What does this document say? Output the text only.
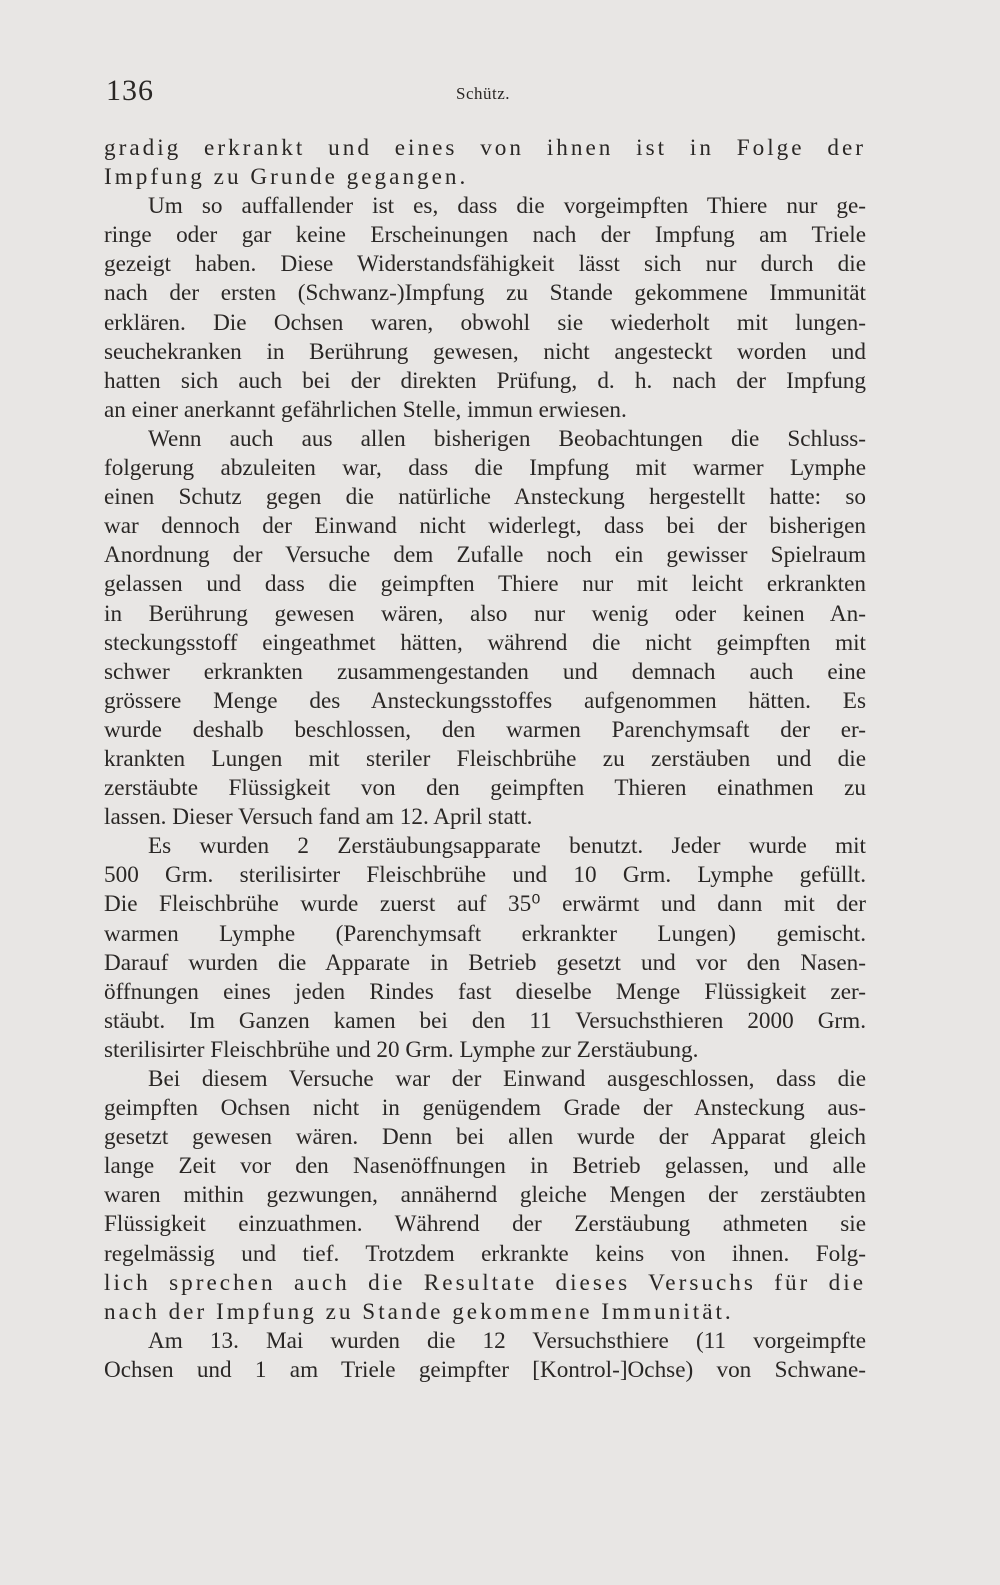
136	Schütz.
gradig erkrankt und eines von ihnen ist in Folge der
Impfung zu Grunde gegangen.
Um so auffallender ist es, dass die vorgeimpften Thiere nur ge-
ringe oder gar keine Erscheinungen nach der Impfung am Triele
gezeigt haben. Diese Widerstandsfähigkeit lässt sich nur durch die
nach der ersten (Schwanz-)Impfung zu Stande gekommene Immunität
erklären. Die Ochsen waren, obwohl sie wiederholt mit lungen-
seuchekranken in Berührung gewesen, nicht angesteckt worden und
hatten sich auch bei der direkten Prüfung, d. h. nach der Impfung
an einer anerkannt gefährlichen Stelle, immun erwiesen.
Wenn auch aus allen bisherigen Beobachtungen die Schluss-
folgerung abzuleiten war, dass die Impfung mit warmer Lymphe
einen Schutz gegen die natürliche Ansteckung hergestellt hatte: so
war dennoch der Einwand nicht widerlegt, dass bei der bisherigen
Anordnung der Versuche dem Zufalle noch ein gewisser Spielraum
gelassen und dass die geimpften Thiere nur mit leicht erkrankten
in Berührung gewesen wären, also nur wenig oder keinen An-
steckungsstoff eingeathmet hätten, während die nicht geimpften mit
schwer erkrankten zusammengestanden und demnach auch eine
grössere Menge des Ansteckungsstoffes aufgenommen hätten. Es
wurde deshalb beschlossen, den warmen Parenchymsaft der er-
krankten Lungen mit steriler Fleischbrühe zu zerstäuben und die
zerstäubte Flüssigkeit von den geimpften Thieren einathmen zu
lassen. Dieser Versuch fand am 12. April statt.
Es wurden 2 Zerstäubungsapparate benutzt. Jeder wurde mit
500 Grm. sterilisirter Fleischbrühe und 10 Grm. Lymphe gefüllt.
Die Fleischbrühe wurde zuerst auf 35⁰ erwärmt und dann mit der
warmen Lymphe (Parenchymsaft erkrankter Lungen) gemischt.
Darauf wurden die Apparate in Betrieb gesetzt und vor den Nasen-
öffnungen eines jeden Rindes fast dieselbe Menge Flüssigkeit zer-
stäubt. Im Ganzen kamen bei den 11 Versuchsthieren 2000 Grm.
sterilisirter Fleischbrühe und 20 Grm. Lymphe zur Zerstäubung.
Bei diesem Versuche war der Einwand ausgeschlossen, dass die
geimpften Ochsen nicht in genügendem Grade der Ansteckung aus-
gesetzt gewesen wären. Denn bei allen wurde der Apparat gleich
lange Zeit vor den Nasenöffnungen in Betrieb gelassen, und alle
waren mithin gezwungen, annähernd gleiche Mengen der zerstäubten
Flüssigkeit einzuathmen. Während der Zerstäubung athmeten sie
regelmässig und tief. Trotzdem erkrankte keins von ihnen. Folg-
lich sprechen auch die Resultate dieses Versuchs für die
nach der Impfung zu Stande gekommene Immunität.
Am 13. Mai wurden die 12 Versuchsthiere (11 vorgeimpfte
Ochsen und 1 am Triele geimpfter [Kontrol-]Ochse) von Schwane-
